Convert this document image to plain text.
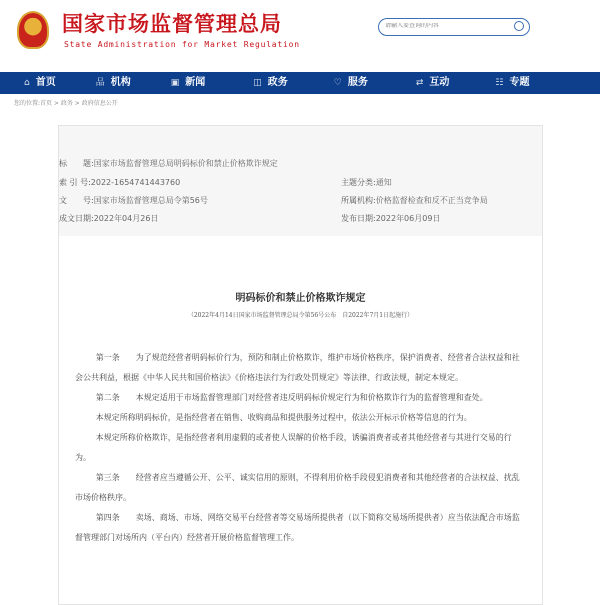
国家市场监督管理总局
State Administration for Market Regulation
请输入要查询的内容
⌂ 首页	品 机构	▣ 新闻	◫ 政务	♡ 服务	⇄ 互动	☷ 专题
您的位置:首页 > 政务 > 政府信息公开
标　　题:国家市场监督管理总局明码标价和禁止价格欺诈规定
索 引 号:2022-1654741443760	主题分类:通知
文　　号:国家市场监督管理总局令第56号	所属机构:价格监督检查和反不正当竞争局
成文日期:2022年04月26日	发布日期:2022年06月09日
明码标价和禁止价格欺诈规定
（2022年4月14日国家市场监督管理总局令第56号公布　自2022年7月1日起施行）

第一条　　为了规范经营者明码标价行为，预防和制止价格欺诈，维护市场价格秩序，保护消费者、经营者合法权益和社会公共利益，根据《中华人民共和国价格法》《价格违法行为行政处罚规定》等法律、行政法规，制定本规定。

第二条　　本规定适用于市场监督管理部门对经营者违反明码标价规定行为和价格欺诈行为的监督管理和查处。

本规定所称明码标价，是指经营者在销售、收购商品和提供服务过程中，依法公开标示价格等信息的行为。

本规定所称价格欺诈，是指经营者利用虚假的或者使人误解的价格手段，诱骗消费者或者其他经营者与其进行交易的行为。

第三条　　经营者应当遵循公开、公平、诚实信用的原则，不得利用价格手段侵犯消费者和其他经营者的合法权益、扰乱市场价格秩序。

第四条　　卖场、商场、市场、网络交易平台经营者等交易场所提供者（以下简称交易场所提供者）应当依法配合市场监督管理部门对场所内（平台内）经营者开展价格监督管理工作。
